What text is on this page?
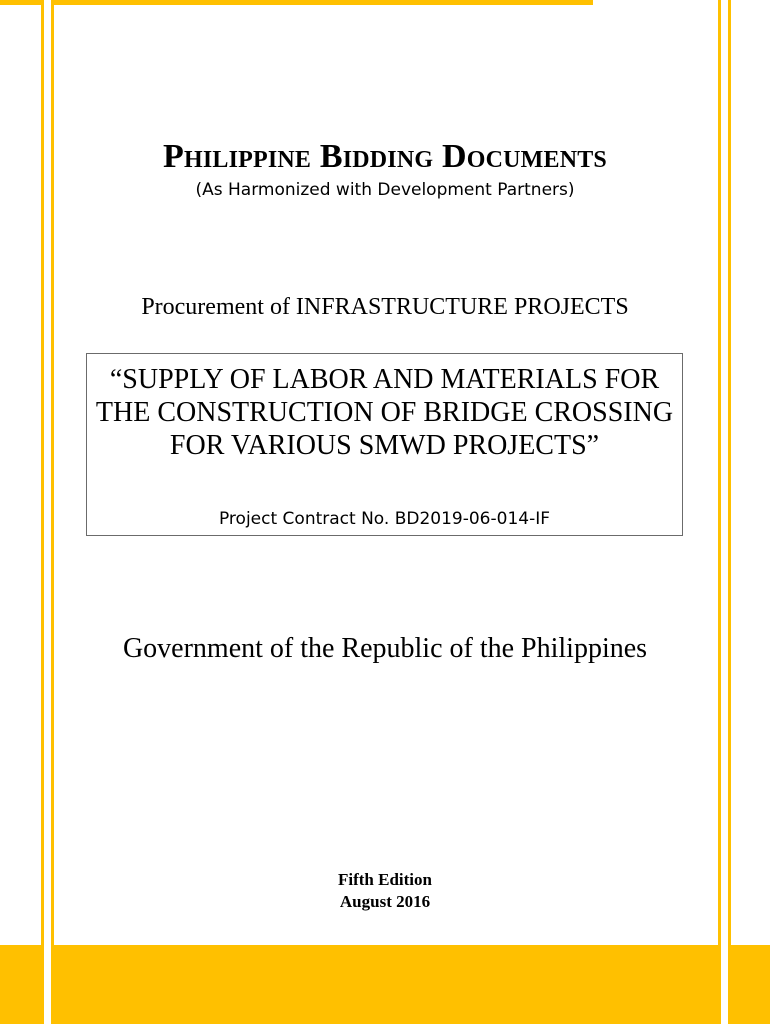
Philippine Bidding Documents
(As Harmonized with Development Partners)
Procurement of INFRASTRUCTURE PROJECTS
“SUPPLY OF LABOR AND MATERIALS FOR THE CONSTRUCTION OF BRIDGE CROSSING FOR VARIOUS SMWD PROJECTS”
Project Contract No. BD2019-06-014-IF
Government of the Republic of the Philippines
Fifth Edition
August 2016
